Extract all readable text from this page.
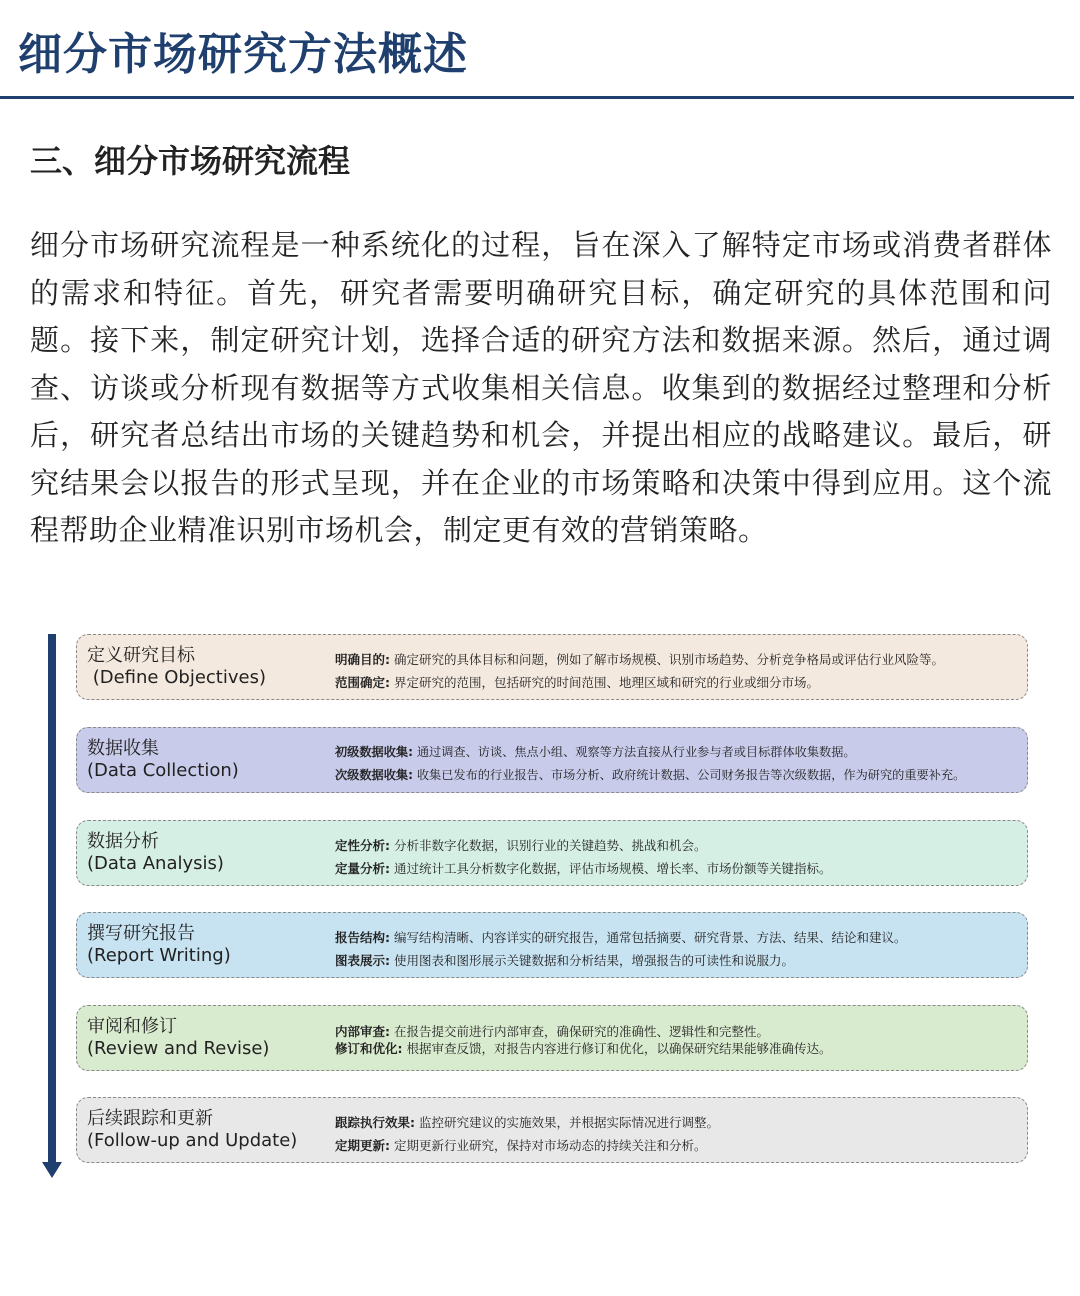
细分市场研究方法概述
三、细分市场研究流程
细分市场研究流程是一种系统化的过程，旨在深入了解特定市场或消费者群体的需求和特征。首先，研究者需要明确研究目标，确定研究的具体范围和问题。接下来，制定研究计划，选择合适的研究方法和数据来源。然后，通过调查、访谈或分析现有数据等方式收集相关信息。收集到的数据经过整理和分析后，研究者总结出市场的关键趋势和机会，并提出相应的战略建议。最后，研究结果会以报告的形式呈现，并在企业的市场策略和决策中得到应用。这个流程帮助企业精准识别市场机会，制定更有效的营销策略。
定义研究目标
(Define Objectives)
明确目的: 确定研究的具体目标和问题，例如了解市场规模、识别市场趋势、分析竞争格局或评估行业风险等。
范围确定: 界定研究的范围，包括研究的时间范围、地理区域和研究的行业或细分市场。
数据收集
(Data Collection)
初级数据收集: 通过调查、访谈、焦点小组、观察等方法直接从行业参与者或目标群体收集数据。
次级数据收集: 收集已发布的行业报告、市场分析、政府统计数据、公司财务报告等次级数据，作为研究的重要补充。
数据分析
(Data Analysis)
定性分析: 分析非数字化数据，识别行业的关键趋势、挑战和机会。
定量分析: 通过统计工具分析数字化数据，评估市场规模、增长率、市场份额等关键指标。
撰写研究报告
(Report Writing)
报告结构: 编写结构清晰、内容详实的研究报告，通常包括摘要、研究背景、方法、结果、结论和建议。
图表展示: 使用图表和图形展示关键数据和分析结果，增强报告的可读性和说服力。
审阅和修订
(Review and Revise)
内部审查: 在报告提交前进行内部审查，确保研究的准确性、逻辑性和完整性。
修订和优化: 根据审查反馈，对报告内容进行修订和优化，以确保研究结果能够准确传达。
后续跟踪和更新
(Follow-up and Update)
跟踪执行效果: 监控研究建议的实施效果，并根据实际情况进行调整。
定期更新: 定期更新行业研究，保持对市场动态的持续关注和分析。
